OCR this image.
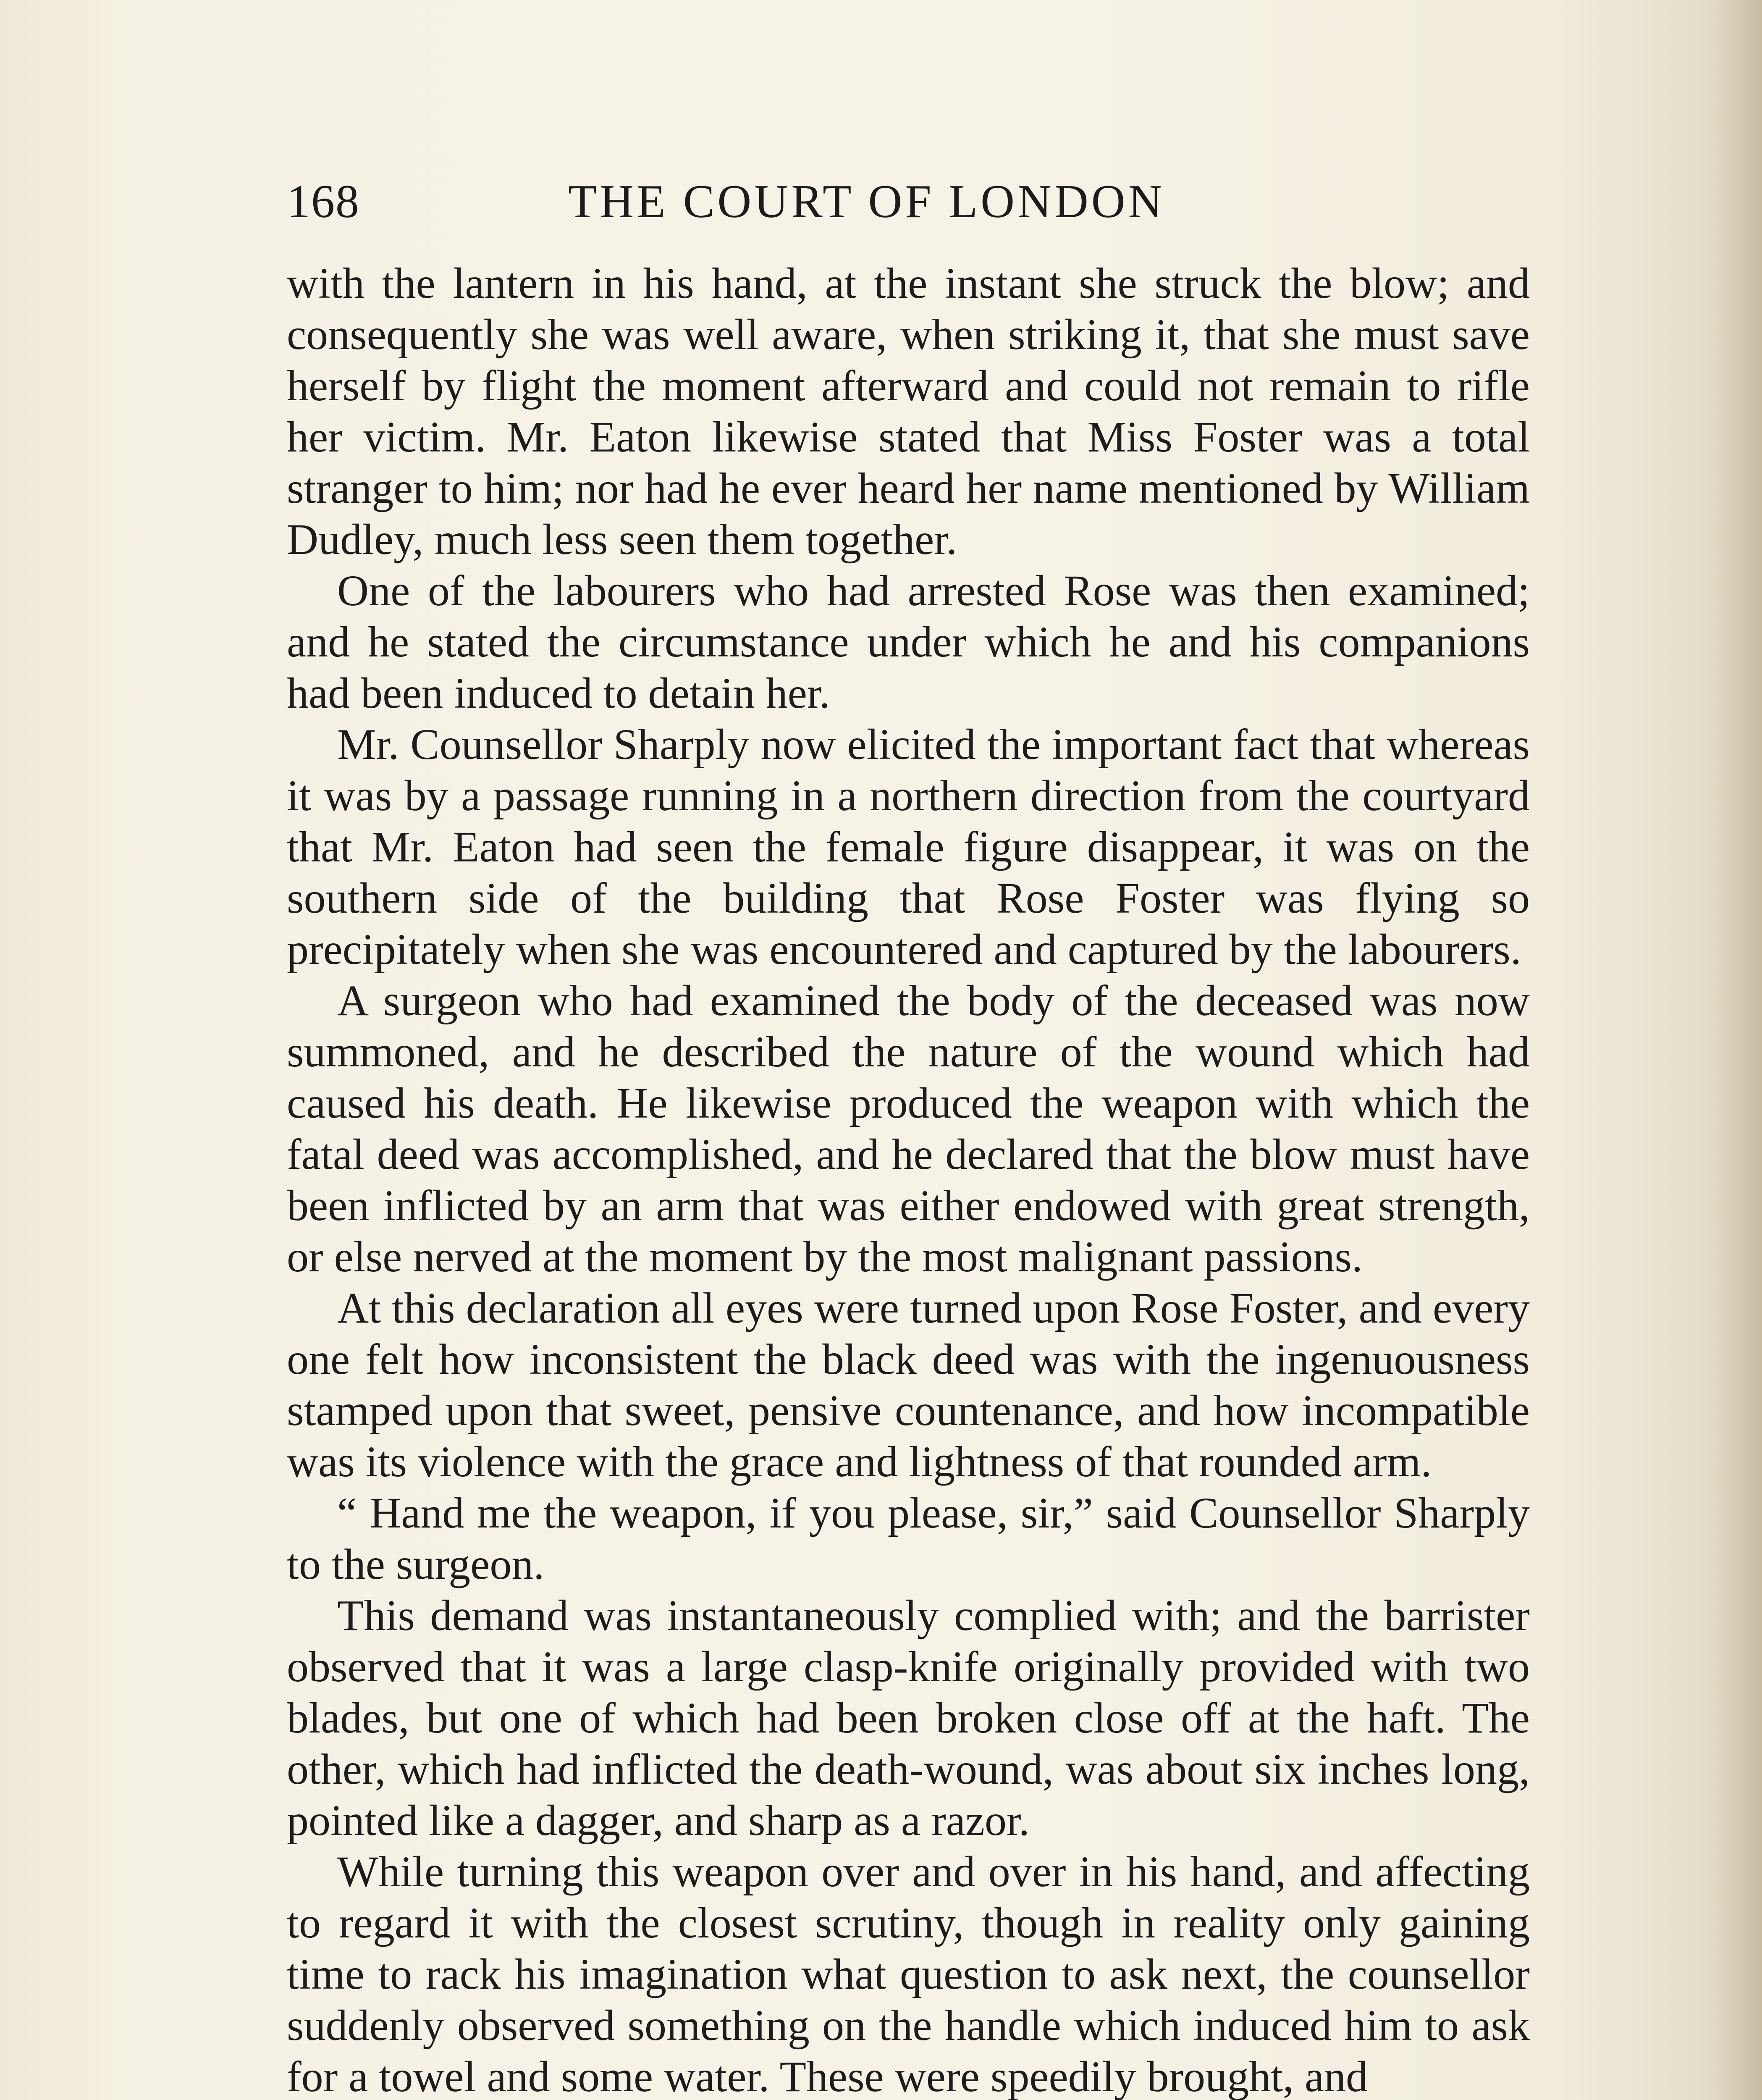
168	THE COURT OF LONDON

with the lantern in his hand, at the instant she struck the blow; and consequently she was well aware, when striking it, that she must save herself by flight the moment afterward and could not remain to rifle her victim. Mr. Eaton likewise stated that Miss Foster was a total stranger to him; nor had he ever heard her name mentioned by William Dudley, much less seen them together.

One of the labourers who had arrested Rose was then examined; and he stated the circumstance under which he and his companions had been induced to detain her.

Mr. Counsellor Sharply now elicited the important fact that whereas it was by a passage running in a northern direction from the courtyard that Mr. Eaton had seen the female figure disappear, it was on the southern side of the building that Rose Foster was flying so precipitately when she was encountered and captured by the labourers.

A surgeon who had examined the body of the deceased was now summoned, and he described the nature of the wound which had caused his death. He likewise produced the weapon with which the fatal deed was accomplished, and he declared that the blow must have been inflicted by an arm that was either endowed with great strength, or else nerved at the moment by the most malignant passions.

At this declaration all eyes were turned upon Rose Foster, and every one felt how inconsistent the black deed was with the ingenuousness stamped upon that sweet, pensive countenance, and how incompatible was its violence with the grace and lightness of that rounded arm.

“ Hand me the weapon, if you please, sir,” said Counsellor Sharply to the surgeon.

This demand was instantaneously complied with; and the barrister observed that it was a large clasp-knife originally provided with two blades, but one of which had been broken close off at the haft. The other, which had inflicted the death-wound, was about six inches long, pointed like a dagger, and sharp as a razor.

While turning this weapon over and over in his hand, and affecting to regard it with the closest scrutiny, though in reality only gaining time to rack his imagination what question to ask next, the counsellor suddenly observed something on the handle which induced him to ask for a towel and some water. These were speedily brought, and
